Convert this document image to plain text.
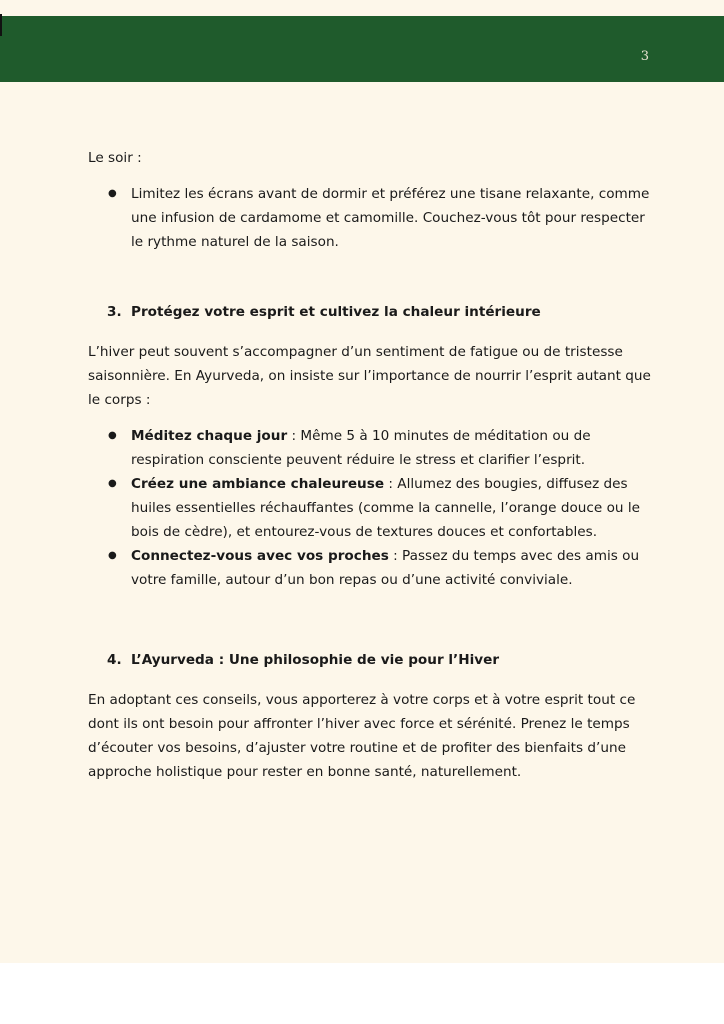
3

Le soir :

● Limitez les écrans avant de dormir et préférez une tisane relaxante, comme une infusion de cardamome et camomille. Couchez-vous tôt pour respecter le rythme naturel de la saison.
3. Protégez votre esprit et cultivez la chaleur intérieure

L’hiver peut souvent s’accompagner d’un sentiment de fatigue ou de tristesse saisonnière. En Ayurveda, on insiste sur l’importance de nourrir l’esprit autant que le corps :

● Méditez chaque jour : Même 5 à 10 minutes de méditation ou de respiration consciente peuvent réduire le stress et clarifier l’esprit.
● Créez une ambiance chaleureuse : Allumez des bougies, diffusez des huiles essentielles réchauffantes (comme la cannelle, l’orange douce ou le bois de cèdre), et entourez-vous de textures douces et confortables.
● Connectez-vous avec vos proches : Passez du temps avec des amis ou votre famille, autour d’un bon repas ou d’une activité conviviale.
4. L’Ayurveda : Une philosophie de vie pour l’Hiver

En adoptant ces conseils, vous apporterez à votre corps et à votre esprit tout ce dont ils ont besoin pour affronter l’hiver avec force et sérénité. Prenez le temps d’écouter vos besoins, d’ajuster votre routine et de profiter des bienfaits d’une approche holistique pour rester en bonne santé, naturellement.
